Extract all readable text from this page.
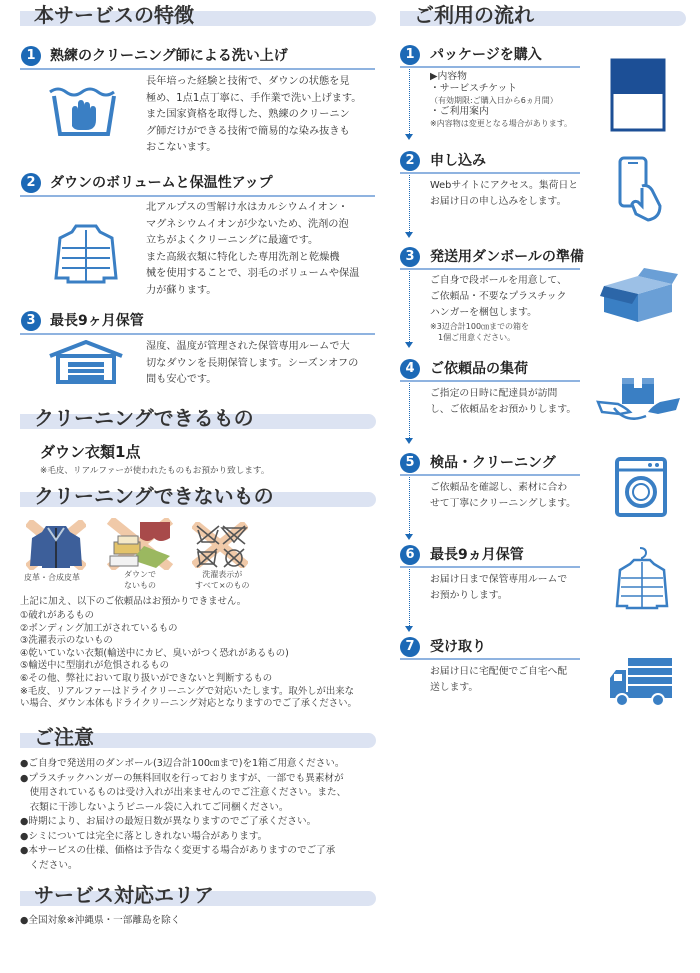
本サービスの特徴
1	熟練のクリーニング師による洗い上げ
長年培った経験と技術で、ダウンの状態を見
極め、1点1点丁寧に、手作業で洗い上げます。
また国家資格を取得した、熟練のクリーニン
グ師だけができる技術で簡易的な染み抜きも
おこないます。
2	ダウンのボリュームと保温性アップ
北アルプスの雪解け水はカルシウムイオン・
マグネシウムイオンが少ないため、洗剤の泡
立ちがよくクリーニングに最適です。
また高級衣類に特化した専用洗剤と乾燥機
械を使用することで、羽毛のボリュームや保温
力が蘇ります。
3	最長9ヶ月保管
湿度、温度が管理された保管専用ルームで大
切なダウンを長期保管します。シーズンオフの
間も安心です。
クリーニングできるもの
ダウン衣類1点
※毛皮、リアルファーが使われたものもお預かり致します。
クリーニングできないもの
皮革・合成皮革	ダウンで
ないもの
洗濯表示が
すべて×のもの
上記に加え、以下のご依頼品はお預かりできません。
①破れがあるもの
②ボンディング加工がされているもの
③洗濯表示のないもの
④乾いていない衣類(輸送中にカビ、臭いがつく恐れがあるもの)
⑤輸送中に型崩れが危惧されるもの
⑥その他、弊社において取り扱いができないと判断するもの
※毛皮、リアルファーはドライクリーニングで対応いたします。取外しが出来な
い場合、ダウン本体もドライクリーニング対応となりますのでご了承ください。
ご注意
●ご自身で発送用のダンボール(3辺合計100㎝まで)を1箱ご用意ください。
●プラスチックハンガーの無料回収を行っておりますが、一部でも異素材が
　使用されているものは受け入れが出来ませんのでご注意ください。また、
　衣類に干渉しないようビニール袋に入れてご同梱ください。
●時期により、お届けの最短日数が異なりますのでご了承ください。
●シミについては完全に落としきれない場合があります。
●本サービスの仕様、価格は予告なく変更する場合がありますのでご了承
　ください。
サービス対応エリア
●全国対象※沖縄県・一部離島を除く
ご利用の流れ
1	パッケージを購入
▶内容物
・サービスチケット
（有効期限:ご購入日から6ヵ月間）
・ご利用案内
※内容物は変更となる場合があります。
2	申し込み
Webサイトにアクセス。集荷日と
お届け日の申し込みをします。
3	発送用ダンボールの準備
ご自身で段ボールを用意して、
ご依頼品・不要なプラスチック
ハンガーを梱包します。
※3辺合計100㎝までの箱を
　1個ご用意ください。
4	ご依頼品の集荷
ご指定の日時に配達員が訪問
し、ご依頼品をお預かりします。
5	検品・クリーニング
ご依頼品を確認し、素材に合わ
せて丁寧にクリーニングします。
6	最長9ヵ月保管
お届け日まで保管専用ルームで
お預かりします。
7	受け取り
お届け日に宅配便でご自宅へ配
送します。
